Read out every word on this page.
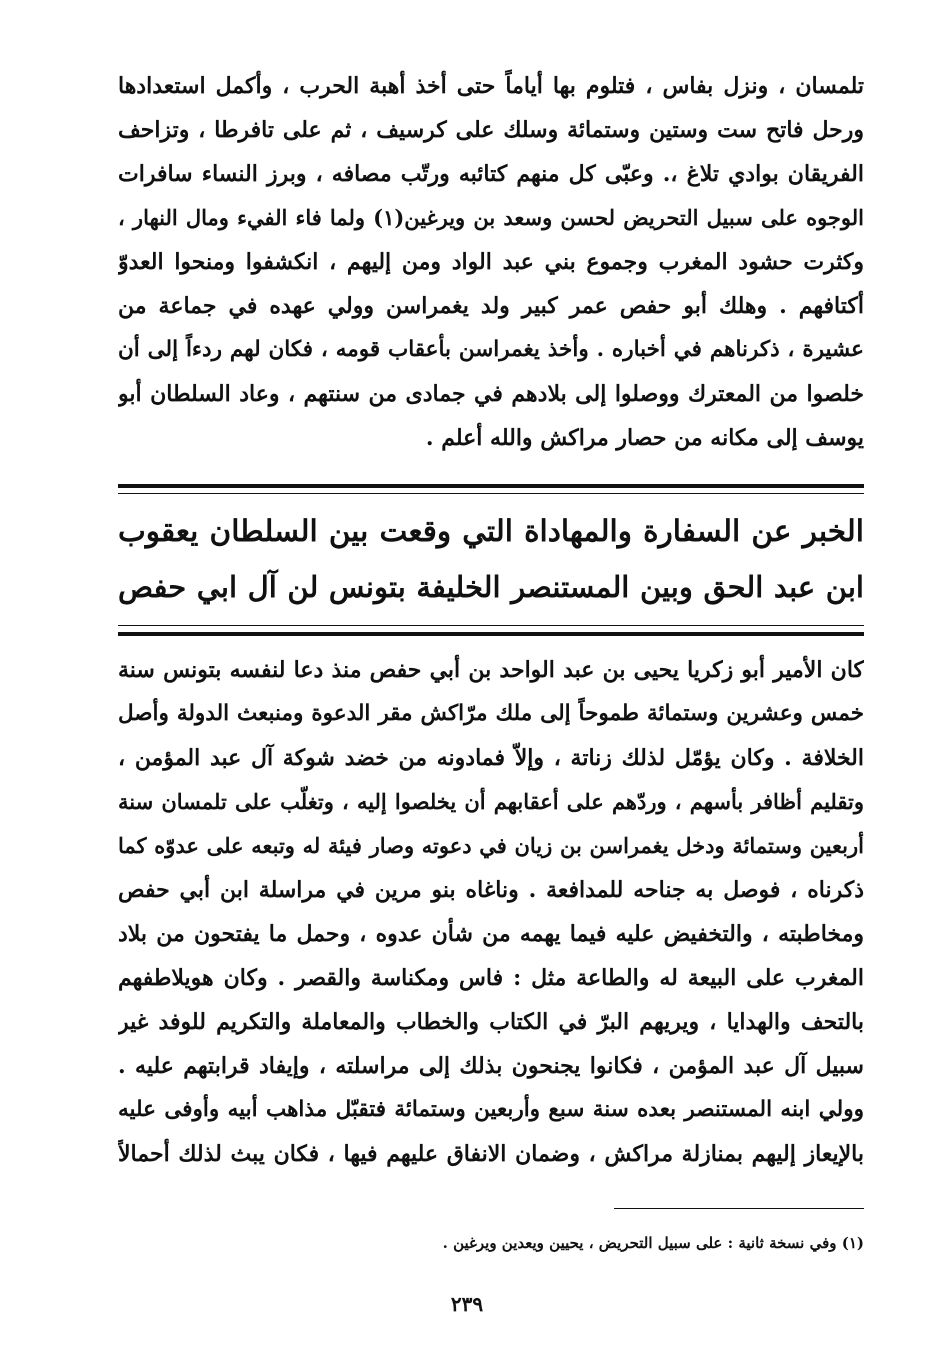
تلمسان ، ونزل بفاس ، فتلوم بها أياماً حتى أخذ أهبة الحرب ، وأكمل استعدادها
ورحل فاتح ست وستين وستمائة وسلك على كرسيف ، ثم على تافرطا ، وتزاحف
الفريقان بوادي تلاغ ،. وعبّى كل منهم كتائبه ورتّب مصافه ، وبرز النساء سافرات
الوجوه على سبيل التحريض لحسن وسعد بن ويرغين(١) ولما فاء الفيء ومال النهار ،
وكثرت حشود المغرب وجموع بني عبد الواد ومن إليهم ، انكشفوا ومنحوا العدوّ
أكتافهم . وهلك أبو حفص عمر كبير ولد يغمراسن وولي عهده في جماعة من
عشيرة ، ذكرناهم في أخباره . وأخذ يغمراسن بأعقاب قومه ، فكان لهم ردءاً إلى أن
خلصوا من المعترك ووصلوا إلى بلادهم في جمادى من سنتهم ، وعاد السلطان أبو
يوسف إلى مكانه من حصار مراكش والله أعلم .
الخبر عن السفارة والمهاداة التي وقعت بين السلطان يعقوب
ابن عبد الحق وبين المستنصر الخليفة بتونس لن آل ابي حفص
كان الأمير أبو زكريا يحيى بن عبد الواحد بن أبي حفص منذ دعا لنفسه بتونس سنة
خمس وعشرين وستمائة طموحاً إلى ملك مرّاكش مقر الدعوة ومنبعث الدولة وأصل
الخلافة . وكان يؤمّل لذلك زناتة ، وإلاّ فمادونه من خضد شوكة آل عبد المؤمن ،
وتقليم أظافر بأسهم ، وردّهم على أعقابهم أن يخلصوا إليه ، وتغلّب على تلمسان سنة
أربعين وستمائة ودخل يغمراسن بن زيان في دعوته وصار فيئة له وتبعه على عدوّه كما
ذكرناه ، فوصل به جناحه للمدافعة . وناغاه بنو مرين في مراسلة ابن أبي حفص
ومخاطبته ، والتخفيض عليه فيما يهمه من شأن عدوه ، وحمل ما يفتحون من بلاد
المغرب على البيعة له والطاعة مثل : فاس ومكناسة والقصر . وكان هويلاطفهم
بالتحف والهدايا ، ويريهم البرّ في الكتاب والخطاب والمعاملة والتكريم للوفد غير
سبيل آل عبد المؤمن ، فكانوا يجنحون بذلك إلى مراسلته ، وإيفاد قرابتهم عليه .
وولي ابنه المستنصر بعده سنة سبع وأربعين وستمائة فتقبّل مذاهب أبيه وأوفى عليه
بالإيعاز إليهم بمنازلة مراكش ، وضمان الانفاق عليهم فيها ، فكان يبث لذلك أحمالاً
(١) وفي نسخة ثانية : على سبيل التحريض ، يحيين ويعدين ويرغين .
٢٣٩
